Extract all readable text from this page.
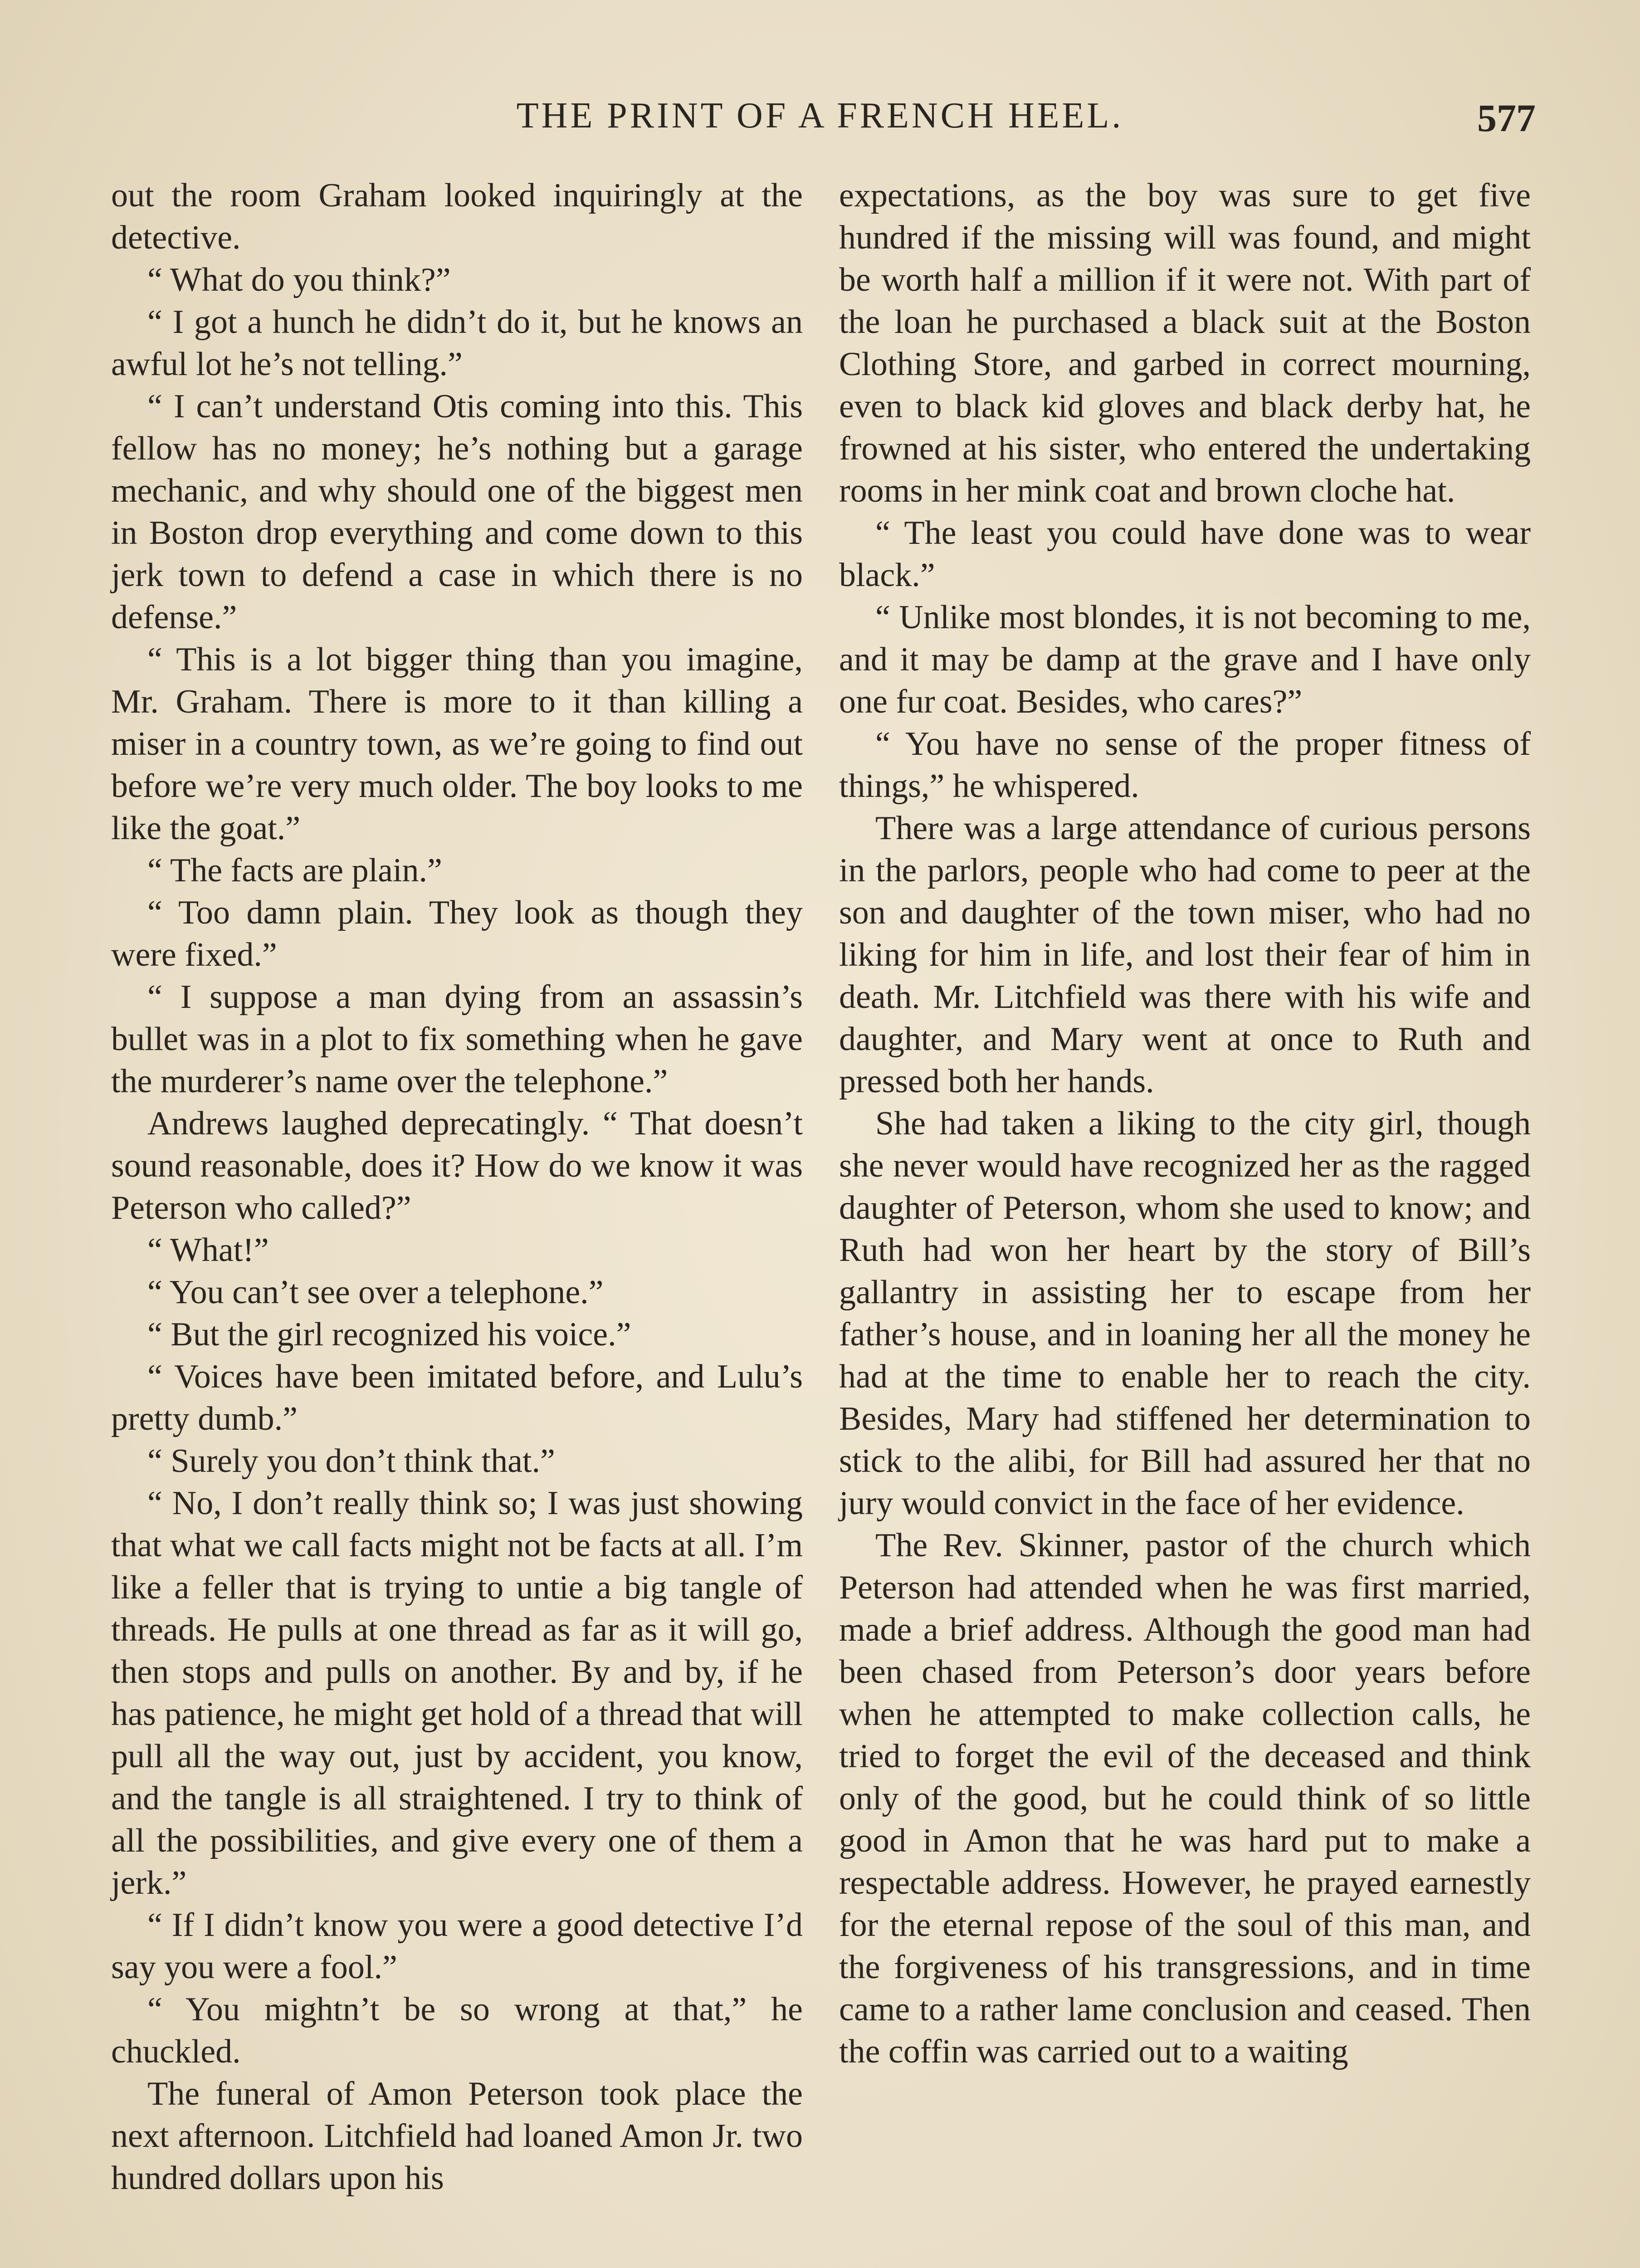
THE PRINT OF A FRENCH HEEL.	577

out the room Graham looked inquiringly at the detective.

“ What do you think?”

“ I got a hunch he didn’t do it, but he knows an awful lot he’s not telling.”

“ I can’t understand Otis coming into this. This fellow has no money; he’s nothing but a garage mechanic, and why should one of the biggest men in Boston drop everything and come down to this jerk town to defend a case in which there is no defense.”

“ This is a lot bigger thing than you imagine, Mr. Graham. There is more to it than killing a miser in a country town, as we’re going to find out before we’re very much older. The boy looks to me like the goat.”

“ The facts are plain.”

“ Too damn plain. They look as though they were fixed.”

“ I suppose a man dying from an assassin’s bullet was in a plot to fix something when he gave the murderer’s name over the telephone.”

Andrews laughed deprecatingly. “ That doesn’t sound reasonable, does it? How do we know it was Peterson who called?”

“ What!”

“ You can’t see over a telephone.”

“ But the girl recognized his voice.”

“ Voices have been imitated before, and Lulu’s pretty dumb.”

“ Surely you don’t think that.”

“ No, I don’t really think so; I was just showing that what we call facts might not be facts at all. I’m like a feller that is trying to untie a big tangle of threads. He pulls at one thread as far as it will go, then stops and pulls on another. By and by, if he has patience, he might get hold of a thread that will pull all the way out, just by accident, you know, and the tangle is all straightened. I try to think of all the possibilities, and give every one of them a jerk.”

“ If I didn’t know you were a good detective I’d say you were a fool.”

“ You mightn’t be so wrong at that,” he chuckled.

The funeral of Amon Peterson took place the next afternoon. Litchfield had loaned Amon Jr. two hundred dollars upon his

expectations, as the boy was sure to get five hundred if the missing will was found, and might be worth half a million if it were not. With part of the loan he purchased a black suit at the Boston Clothing Store, and garbed in correct mourning, even to black kid gloves and black derby hat, he frowned at his sister, who entered the undertaking rooms in her mink coat and brown cloche hat.

“ The least you could have done was to wear black.”

“ Unlike most blondes, it is not becoming to me, and it may be damp at the grave and I have only one fur coat. Besides, who cares?”

“ You have no sense of the proper fitness of things,” he whispered.

There was a large attendance of curious persons in the parlors, people who had come to peer at the son and daughter of the town miser, who had no liking for him in life, and lost their fear of him in death. Mr. Litchfield was there with his wife and daughter, and Mary went at once to Ruth and pressed both her hands.

She had taken a liking to the city girl, though she never would have recognized her as the ragged daughter of Peterson, whom she used to know; and Ruth had won her heart by the story of Bill’s gallantry in assisting her to escape from her father’s house, and in loaning her all the money he had at the time to enable her to reach the city. Besides, Mary had stiffened her determination to stick to the alibi, for Bill had assured her that no jury would convict in the face of her evidence.

The Rev. Skinner, pastor of the church which Peterson had attended when he was first married, made a brief address. Although the good man had been chased from Peterson’s door years before when he attempted to make collection calls, he tried to forget the evil of the deceased and think only of the good, but he could think of so little good in Amon that he was hard put to make a respectable address. However, he prayed earnestly for the eternal repose of the soul of this man, and the forgiveness of his transgressions, and in time came to a rather lame conclusion and ceased. Then the coffin was carried out to a waiting
